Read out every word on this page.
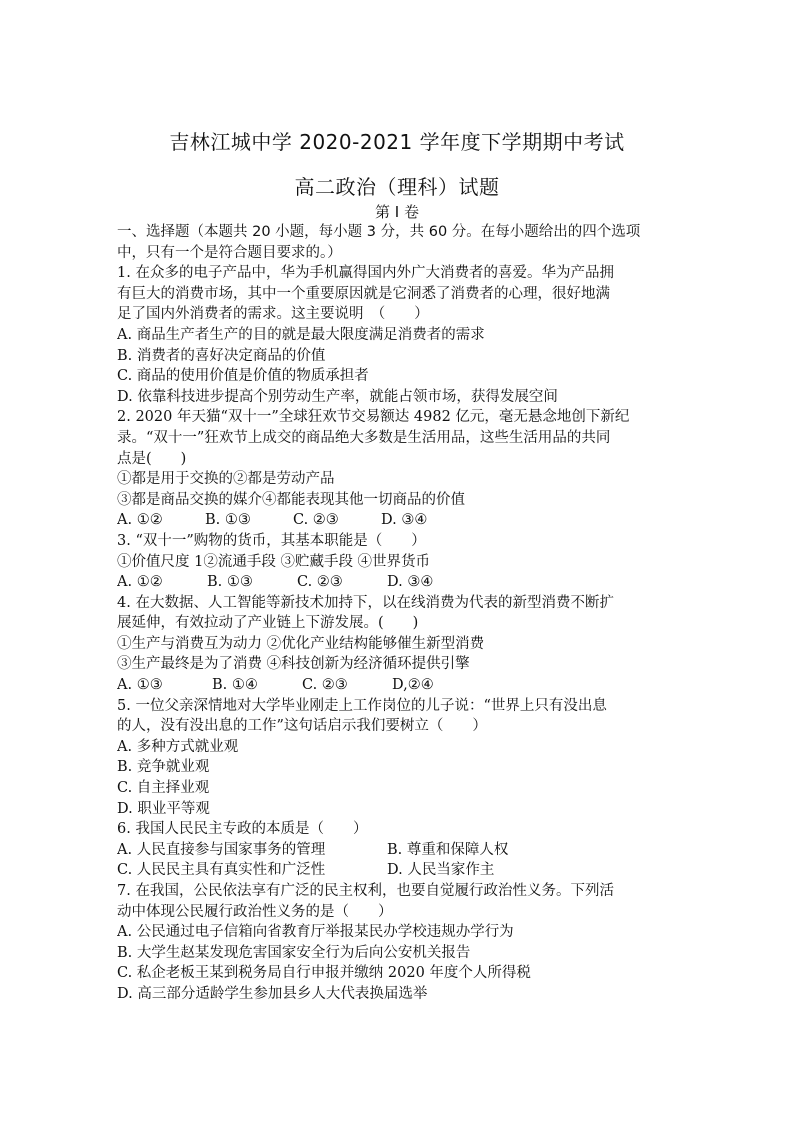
吉林江城中学 2020-2021 学年度下学期期中考试
高二政治（理科）试题
第 I 卷
一、选择题（本题共 20 小题，每小题 3 分，共 60 分。在每小题给出的四个选项
中，只有一个是符合题目要求的。）
1. 在众多的电子产品中，华为手机赢得国内外广大消费者的喜爱。华为产品拥
有巨大的消费市场，其中一个重要原因就是它洞悉了消费者的心理，很好地满
足了国内外消费者的需求。这主要说明　（　　）
A. 商品生产者生产的目的就是最大限度满足消费者的需求
B. 消费者的喜好决定商品的价值
C. 商品的使用价值是价值的物质承担者
D. 依靠科技进步提高个别劳动生产率，就能占领市场，获得发展空间
2. 2020 年天猫“双十一”全球狂欢节交易额达 4982 亿元，毫无悬念地创下新纪
录。“双十一”狂欢节上成交的商品绝大多数是生活用品，这些生活用品的共同
点是(　　)
①都是用于交换的②都是劳动产品
③都是商品交换的媒介④都能表现其他一切商品的价值
A. ①②	B. ①③	C. ②③	D. ③④
3. “双十一”购物的货币，其基本职能是（　　）
①价值尺度 1②流通手段 ③贮藏手段 ④世界货币
A. ①②	B. ①③	C. ②③	D. ③④
4. 在大数据、人工智能等新技术加持下，以在线消费为代表的新型消费不断扩
展延伸，有效拉动了产业链上下游发展。(　　)
①生产与消费互为动力 ②优化产业结构能够催生新型消费
③生产最终是为了消费 ④科技创新为经济循环提供引擎
A. ①③	B. ①④	C. ②③	D,②④
5. 一位父亲深情地对大学毕业刚走上工作岗位的儿子说：“世界上只有没出息
的人，没有没出息的工作”这句话启示我们要树立（　　）
A. 多种方式就业观
B. 竞争就业观
C. 自主择业观
D. 职业平等观
6. 我国人民民主专政的本质是（　　）
A. 人民直接参与国家事务的管理	B. 尊重和保障人权
C. 人民民主具有真实性和广泛性	D. 人民当家作主
7. 在我国，公民依法享有广泛的民主权利，也要自觉履行政治性义务。下列活
动中体现公民履行政治性义务的是（　　）
A. 公民通过电子信箱向省教育厅举报某民办学校违规办学行为
B. 大学生赵某发现危害国家安全行为后向公安机关报告
C. 私企老板王某到税务局自行申报并缴纳 2020 年度个人所得税
D. 高三部分适龄学生参加县乡人大代表换届选举
